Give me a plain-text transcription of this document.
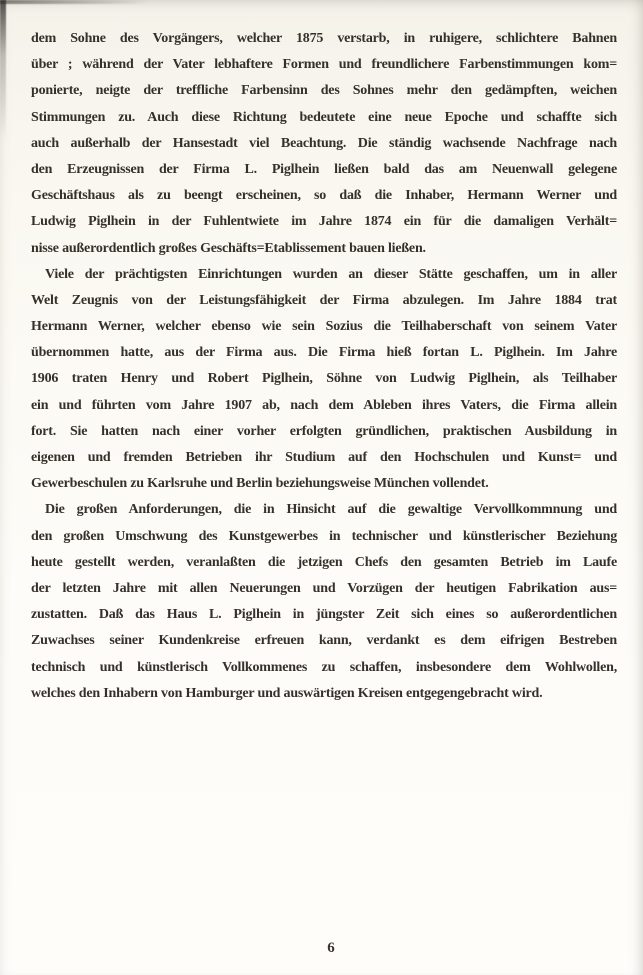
dem Sohne des Vorgängers, welcher 1875 verstarb, in ruhigere, schlichtere Bahnen
über ; während der Vater lebhaftere Formen und freundlichere Farbenstimmungen kom=
ponierte, neigte der treffliche Farbensinn des Sohnes mehr den gedämpften, weichen
Stimmungen zu. Auch diese Richtung bedeutete eine neue Epoche und schaffte sich
auch außerhalb der Hansestadt viel Beachtung. Die ständig wachsende Nachfrage nach
den Erzeugnissen der Firma L. Piglhein ließen bald das am Neuenwall gelegene
Geschäftshaus als zu beengt erscheinen, so daß die Inhaber, Hermann Werner und
Ludwig Piglhein in der Fuhlentwiete im Jahre 1874 ein für die damaligen Verhält=
nisse außerordentlich großes Geschäfts=Etablissement bauen ließen.
Viele der prächtigsten Einrichtungen wurden an dieser Stätte geschaffen, um in aller
Welt Zeugnis von der Leistungsfähigkeit der Firma abzulegen. Im Jahre 1884 trat
Hermann Werner, welcher ebenso wie sein Sozius die Teilhaberschaft von seinem Vater
übernommen hatte, aus der Firma aus. Die Firma hieß fortan L. Piglhein. Im Jahre
1906 traten Henry und Robert Piglhein, Söhne von Ludwig Piglhein, als Teilhaber
ein und führten vom Jahre 1907 ab, nach dem Ableben ihres Vaters, die Firma allein
fort. Sie hatten nach einer vorher erfolgten gründlichen, praktischen Ausbildung in
eigenen und fremden Betrieben ihr Studium auf den Hochschulen und Kunst= und
Gewerbeschulen zu Karlsruhe und Berlin beziehungsweise München vollendet.
Die großen Anforderungen, die in Hinsicht auf die gewaltige Vervollkommnung und
den großen Umschwung des Kunstgewerbes in technischer und künstlerischer Beziehung
heute gestellt werden, veranlaßten die jetzigen Chefs den gesamten Betrieb im Laufe
der letzten Jahre mit allen Neuerungen und Vorzügen der heutigen Fabrikation aus=
zustatten. Daß das Haus L. Piglhein in jüngster Zeit sich eines so außerordentlichen
Zuwachses seiner Kundenkreise erfreuen kann, verdankt es dem eifrigen Bestreben
technisch und künstlerisch Vollkommenes zu schaffen, insbesondere dem Wohlwollen,
welches den Inhabern von Hamburger und auswärtigen Kreisen entgegengebracht wird.
6
